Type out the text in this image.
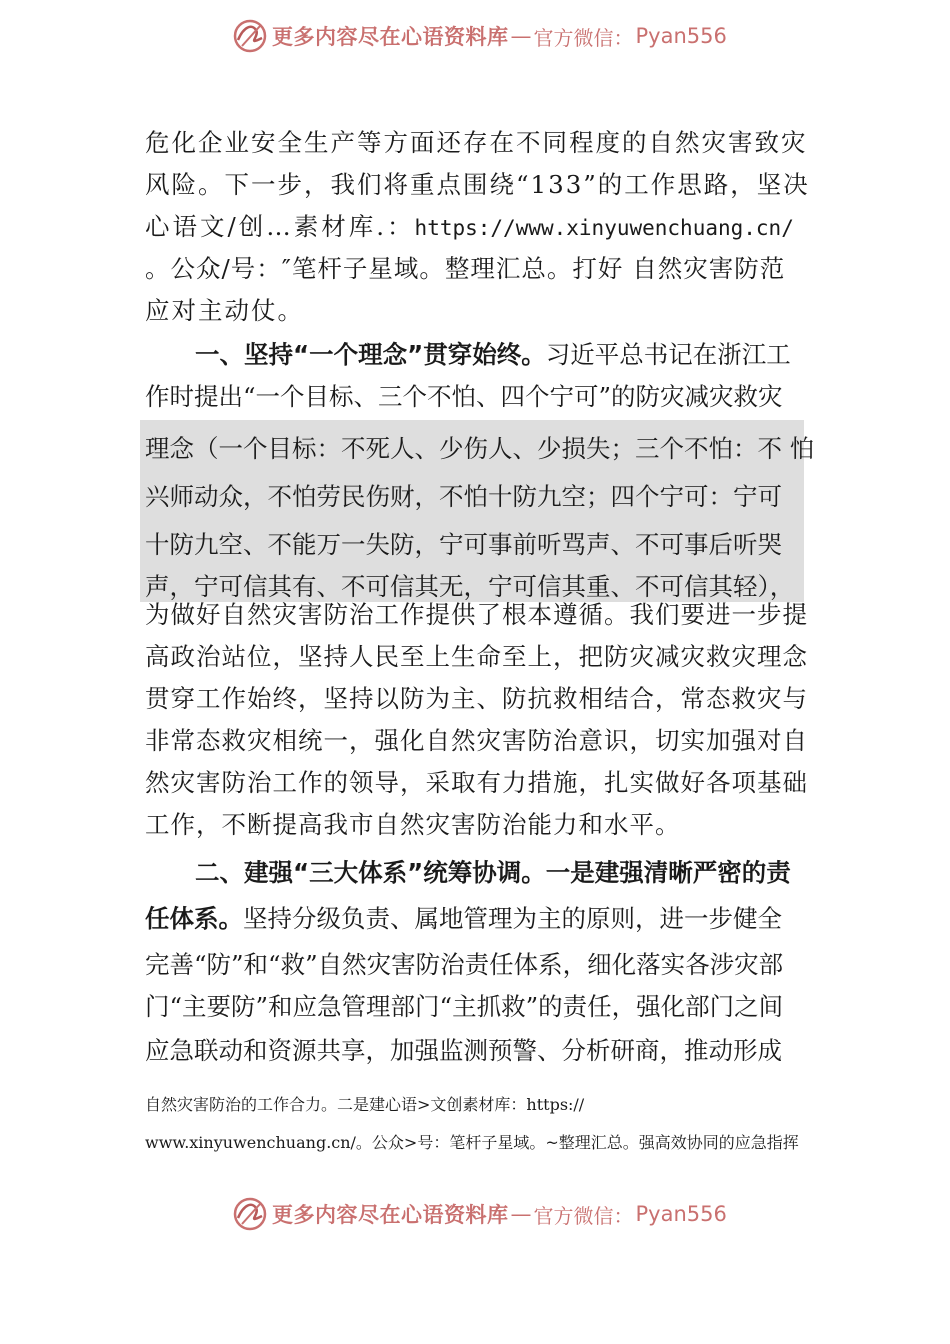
更多内容尽在心语资料库 — 官方微信： Pyan556
危化企业安全生产等方面还存在不同程度的自然灾害致灾
风险。下一步，我们将重点围绕“133”的工作思路，坚决
心语文/创…素材库.：https://www.xinyuwenchuang.cn/
。公众/号：″笔杆子星域。整理汇总。打好 自然灾害防范
应对主动仗。
一、坚持“一个理念”贯穿始终。习近平总书记在浙江工
作时提出“一个目标、三个不怕、四个宁可”的防灾减灾救灾
理念（一个目标：不死人、少伤人、少损失；三个不怕：不 怕
兴师动众，不怕劳民伤财，不怕十防九空；四个宁可：宁可
十防九空、不能万一失防，宁可事前听骂声、不可事后听哭
声，宁可信其有、不可信其无，宁可信其重、不可信其轻），
为做好自然灾害防治工作提供了根本遵循。我们要进一步提
高政治站位，坚持人民至上生命至上，把防灾减灾救灾理念
贯穿工作始终，坚持以防为主、防抗救相结合，常态救灾与
非常态救灾相统一，强化自然灾害防治意识，切实加强对自
然灾害防治工作的领导，采取有力措施，扎实做好各项基础
工作，不断提高我市自然灾害防治能力和水平。
二、建强“三大体系”统筹协调。一是建强清晰严密的责
任体系。坚持分级负责、属地管理为主的原则，进一步健全
完善“防”和“救”自然灾害防治责任体系，细化落实各涉灾部
门“主要防”和应急管理部门“主抓救”的责任，强化部门之间
应急联动和资源共享，加强监测预警、分析研商，推动形成
自然灾害防治的工作合力。二是建心语>文创素材库：https://
www.xinyuwenchuang.cn/。公众>号：笔杆子星域。~整理汇总。强高效协同的应急指挥
更多内容尽在心语资料库 — 官方微信： Pyan556
